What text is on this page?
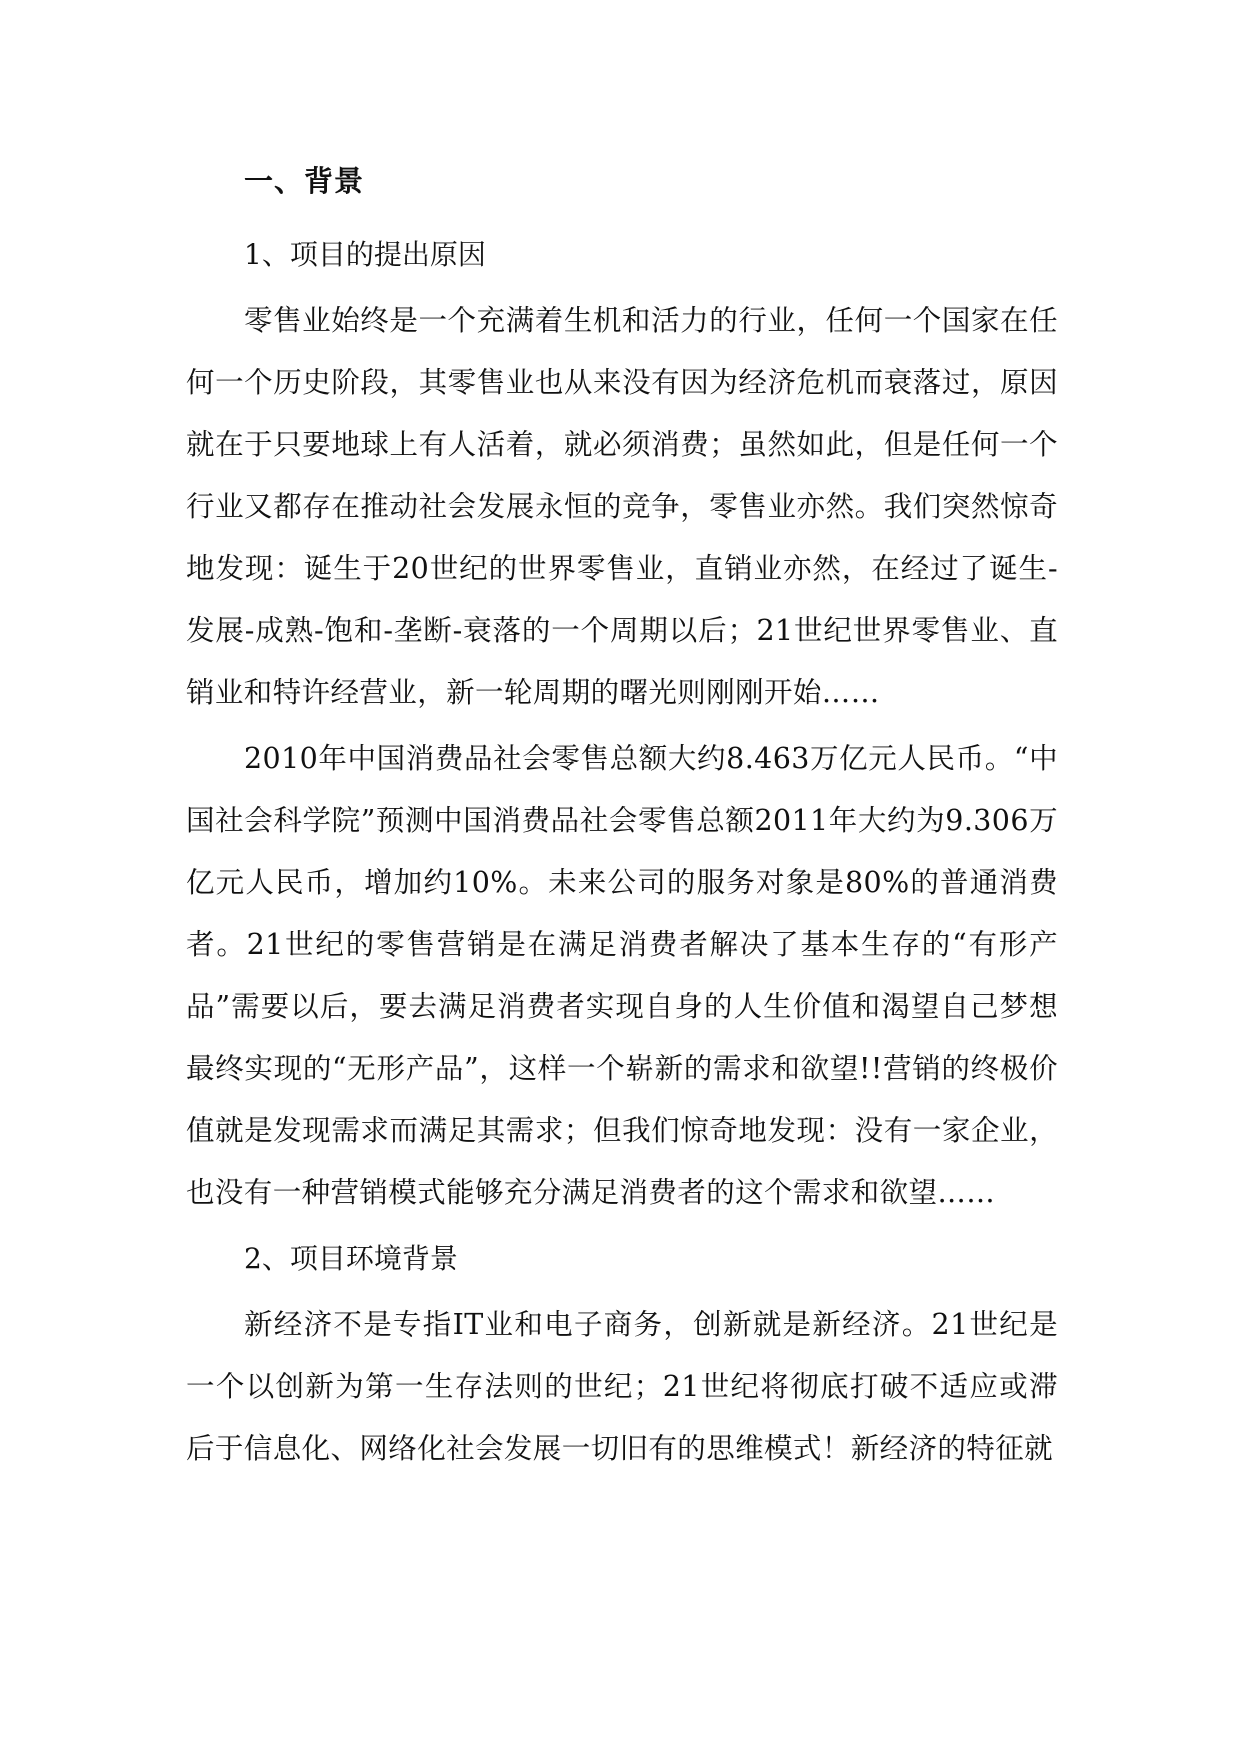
一、背景
1、项目的提出原因

零售业始终是一个充满着生机和活力的行业，任何一个国家在任何一个历史阶段，其零售业也从来没有因为经济危机而衰落过，原因就在于只要地球上有人活着，就必须消费；虽然如此，但是任何一个行业又都存在推动社会发展永恒的竞争，零售业亦然。我们突然惊奇地发现：诞生于20世纪的世界零售业，直销业亦然，在经过了诞生-发展-成熟-饱和-垄断-衰落的一个周期以后；21世纪世界零售业、直销业和特许经营业，新一轮周期的曙光则刚刚开始……

2010年中国消费品社会零售总额大约8.463万亿元人民币。“中国社会科学院”预测中国消费品社会零售总额2011年大约为9.306万亿元人民币，增加约10%。未来公司的服务对象是80%的普通消费者。21世纪的零售营销是在满足消费者解决了基本生存的“有形产品”需要以后，要去满足消费者实现自身的人生价值和渴望自己梦想最终实现的“无形产品”，这样一个崭新的需求和欲望!!营销的终极价值就是发现需求而满足其需求；但我们惊奇地发现：没有一家企业，也没有一种营销模式能够充分满足消费者的这个需求和欲望……

2、项目环境背景

新经济不是专指IT业和电子商务，创新就是新经济。21世纪是一个以创新为第一生存法则的世纪；21世纪将彻底打破不适应或滞后于信息化、网络化社会发展一切旧有的思维模式！新经济的特征就
